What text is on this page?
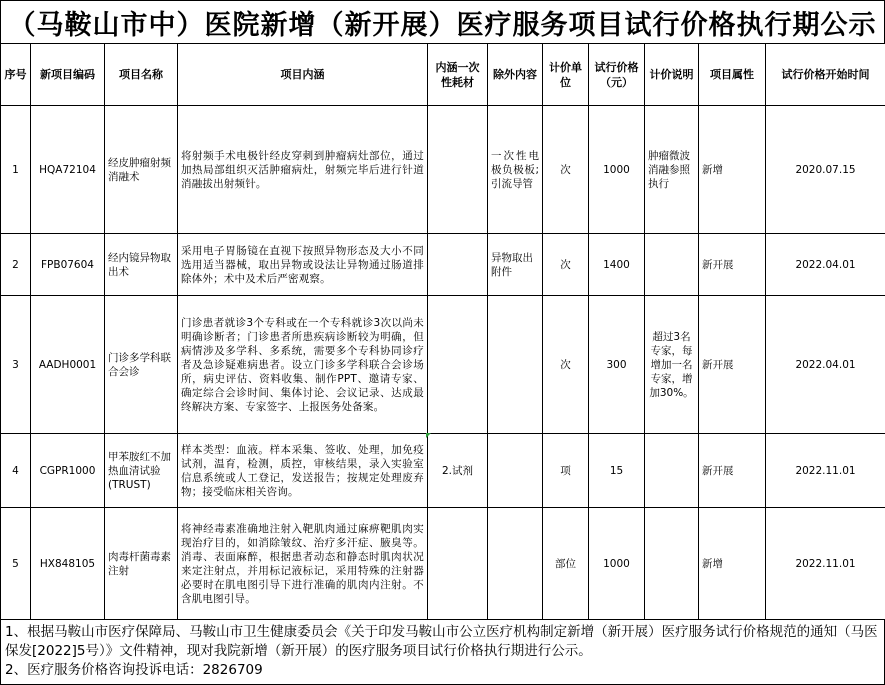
（马鞍山市中）医院新增（新开展）医疗服务项目试行价格执行期公示
序号	新项目编码	项目名称	项目内涵	内涵一次性耗材	除外内容	计价单位	试行价格（元）	计价说明	项目属性	试行价格开始时间
1	HQA72104	经皮肿瘤射频消融术	将射频手术电极针经皮穿刺到肿瘤病灶部位，通过加热局部组织灭活肿瘤病灶，射频完毕后进行针道消融拔出射频针。		一次性电极负极板;引流导管	次	1000	肿瘤微波消融参照执行	新增	2020.07.15
2	FPB07604	经内镜异物取出术	采用电子胃肠镜在直视下按照异物形态及大小不同选用适当器械，取出异物或设法让异物通过肠道排除体外；术中及术后严密观察。		异物取出附件	次	1400		新开展	2022.04.01
3	AADH0001	门诊多学科联合会诊	门诊患者就诊3个专科或在一个专科就诊3次以尚未明确诊断者；门诊患者所患疾病诊断较为明确，但病情涉及多学科、多系统，需要多个专科协同诊疗者及急诊疑难病患者。设立门诊多学科联合会诊场所，病史评估、资料收集、制作PPT、邀请专家、确定综合会诊时间、集体讨论、会议记录、达成最终解决方案、专家签字、上报医务处备案。			次	300	超过3名专家，每增加一名专家，增加30%。	新开展	2022.04.01
4	CGPR1000	甲苯胺红不加热血清试验(TRUST)	样本类型：血液。样本采集、签收、处理，加免疫试剂，温育，检测，质控，审核结果，录入实验室信息系统或人工登记，发送报告；按规定处理废弃物；接受临床相关咨询。	2.试剂		项	15		新开展	2022.11.01
5	HX848105	肉毒杆菌毒素注射	将神经毒素准确地注射入靶肌肉通过麻痹靶肌肉实现治疗目的，如消除皱纹、治疗多汗症、腋臭等。消毒、表面麻醉，根据患者动态和静态时肌肉状况来定注射点，并用标记液标记，采用特殊的注射器必要时在肌电图引导下进行准确的肌肉内注射。不含肌电图引导。			部位	1000		新增	2022.11.01
1、根据马鞍山市医疗保障局、马鞍山市卫生健康委员会《关于印发马鞍山市公立医疗机构制定新增（新开展）医疗服务试行价格规范的通知（马医保发[2022]5号）》文件精神，现对我院新增（新开展）的医疗服务项目试行价格执行期进行公示。
2、医疗服务价格咨询投诉电话：2826709
